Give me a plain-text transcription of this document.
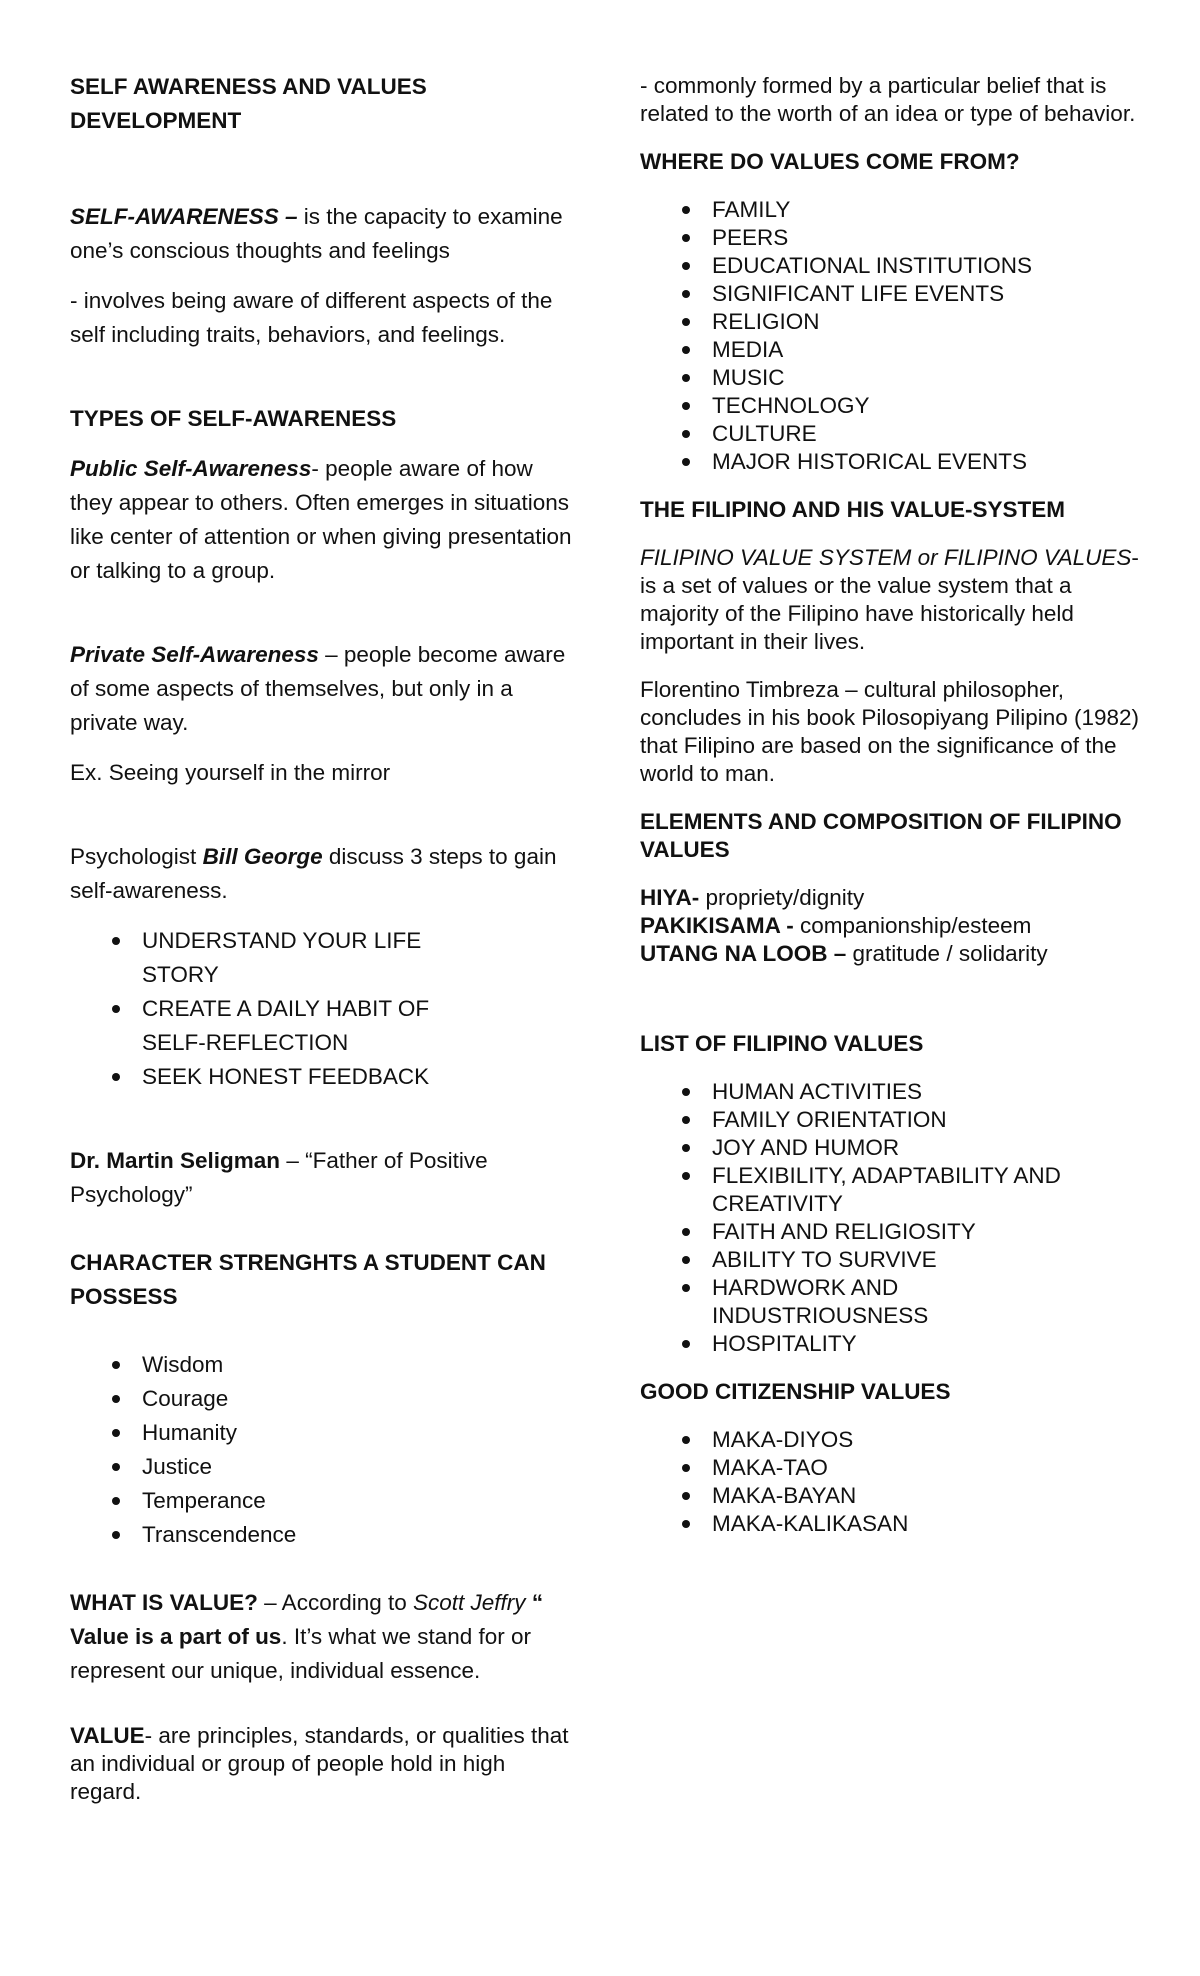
SELF AWARENESS AND VALUES DEVELOPMENT

SELF-AWARENESS – is the capacity to examine one’s conscious thoughts and feelings

- involves being aware of different aspects of the self including traits, behaviors, and feelings.

TYPES OF SELF-AWARENESS

Public Self-Awareness- people aware of how they appear to others. Often emerges in situations like center of attention or when giving presentation or talking to a group.

Private Self-Awareness – people become aware of some aspects of themselves, but only in a private way.

Ex. Seeing yourself in the mirror

Psychologist Bill George discuss 3 steps to gain self-awareness.

UNDERSTAND YOUR LIFE STORY
CREATE A DAILY HABIT OF SELF-REFLECTION
SEEK HONEST FEEDBACK

Dr. Martin Seligman – “Father of Positive Psychology”

CHARACTER STRENGHTS A STUDENT CAN POSSESS

Wisdom
Courage
Humanity
Justice
Temperance
Transcendence

WHAT IS VALUE? – According to Scott Jeffry “ Value is a part of us. It’s what we stand for or represent our unique, individual essence.

VALUE- are principles, standards, or qualities that an individual or group of people hold in high regard.

- commonly formed by a particular belief that is related to the worth of an idea or type of behavior.

WHERE DO VALUES COME FROM?

FAMILY
PEERS
EDUCATIONAL INSTITUTIONS
SIGNIFICANT LIFE EVENTS
RELIGION
MEDIA
MUSIC
TECHNOLOGY
CULTURE
MAJOR HISTORICAL EVENTS

THE FILIPINO AND HIS VALUE-SYSTEM

FILIPINO VALUE SYSTEM or FILIPINO VALUES- is a set of values or the value system that a majority of the Filipino have historically held important in their lives.

Florentino Timbreza – cultural philosopher, concludes in his book Pilosopiyang Pilipino (1982) that Filipino are based on the significance of the world to man.

ELEMENTS AND COMPOSITION OF FILIPINO VALUES

HIYA- propriety/dignity

PAKIKISAMA - companionship/esteem

UTANG NA LOOB – gratitude / solidarity

LIST OF FILIPINO VALUES

HUMAN ACTIVITIES
FAMILY ORIENTATION
JOY AND HUMOR
FLEXIBILITY, ADAPTABILITY AND CREATIVITY
FAITH AND RELIGIOSITY
ABILITY TO SURVIVE
HARDWORK AND INDUSTRIOUSNESS
HOSPITALITY

GOOD CITIZENSHIP VALUES

MAKA-DIYOS
MAKA-TAO
MAKA-BAYAN
MAKA-KALIKASAN
